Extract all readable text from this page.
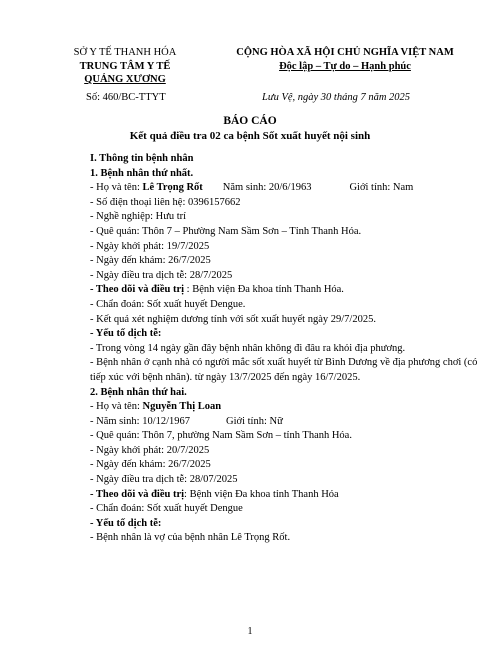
SỞ Y TẾ THANH HÓA
TRUNG TÂM Y TẾ
QUẢNG XƯƠNG
CỘNG HÒA XÃ HỘI CHỦ NGHĨA VIỆT NAM
Độc lập – Tự do – Hạnh phúc
Số: 460/BC-TTYT	Lưu Vệ, ngày 30 tháng 7 năm 2025
BÁO CÁO
Kết quả điều tra 02 ca bệnh Sốt xuất huyết nội sinh
I. Thông tin bệnh nhân
1. Bệnh nhân thứ nhất.
- Họ và tên: Lê Trọng Rốt Năm sinh: 20/6/1963	Giới tính: Nam
- Số điện thoại liên hệ: 0396157662
- Nghề nghiệp: Hưu trí
- Quê quán: Thôn 7 – Phường Nam Sầm Sơn – Tỉnh Thanh Hóa.
- Ngày khởi phát: 19/7/2025
- Ngày đến khám: 26/7/2025
- Ngày điều tra dịch tễ: 28/7/2025
- Theo dõi và điều trị : Bệnh viện Đa khoa tỉnh Thanh Hóa.
- Chẩn đoán: Sốt xuất huyết Dengue.
- Kết quả xét nghiệm dương tính với sốt xuất huyết ngày 29/7/2025.
- Yếu tố dịch tễ:
- Trong vòng 14 ngày gần đây bệnh nhân không đi đâu ra khỏi địa phương.
- Bệnh nhân ở cạnh nhà có người mắc sốt xuất huyết từ Bình Dương về địa phương chơi (có tiếp xúc với bệnh nhân). từ ngày 13/7/2025 đến ngày 16/7/2025.
2. Bệnh nhân thứ hai.
- Họ và tên: Nguyễn Thị Loan
- Năm sinh: 10/12/1967	Giới tính: Nữ
- Quê quán: Thôn 7, phường Nam Sầm Sơn – tỉnh Thanh Hóa.
- Ngày khởi phát: 20/7/2025
- Ngày đến khám: 26/7/2025
- Ngày điều tra dịch tễ: 28/07/2025
- Theo dõi và điều trị: Bệnh viện Đa khoa tỉnh Thanh Hóa
- Chẩn đoán: Sốt xuất huyết Dengue
- Yếu tố dịch tễ:
- Bệnh nhân là vợ của bệnh nhân Lê Trọng Rốt.
1
